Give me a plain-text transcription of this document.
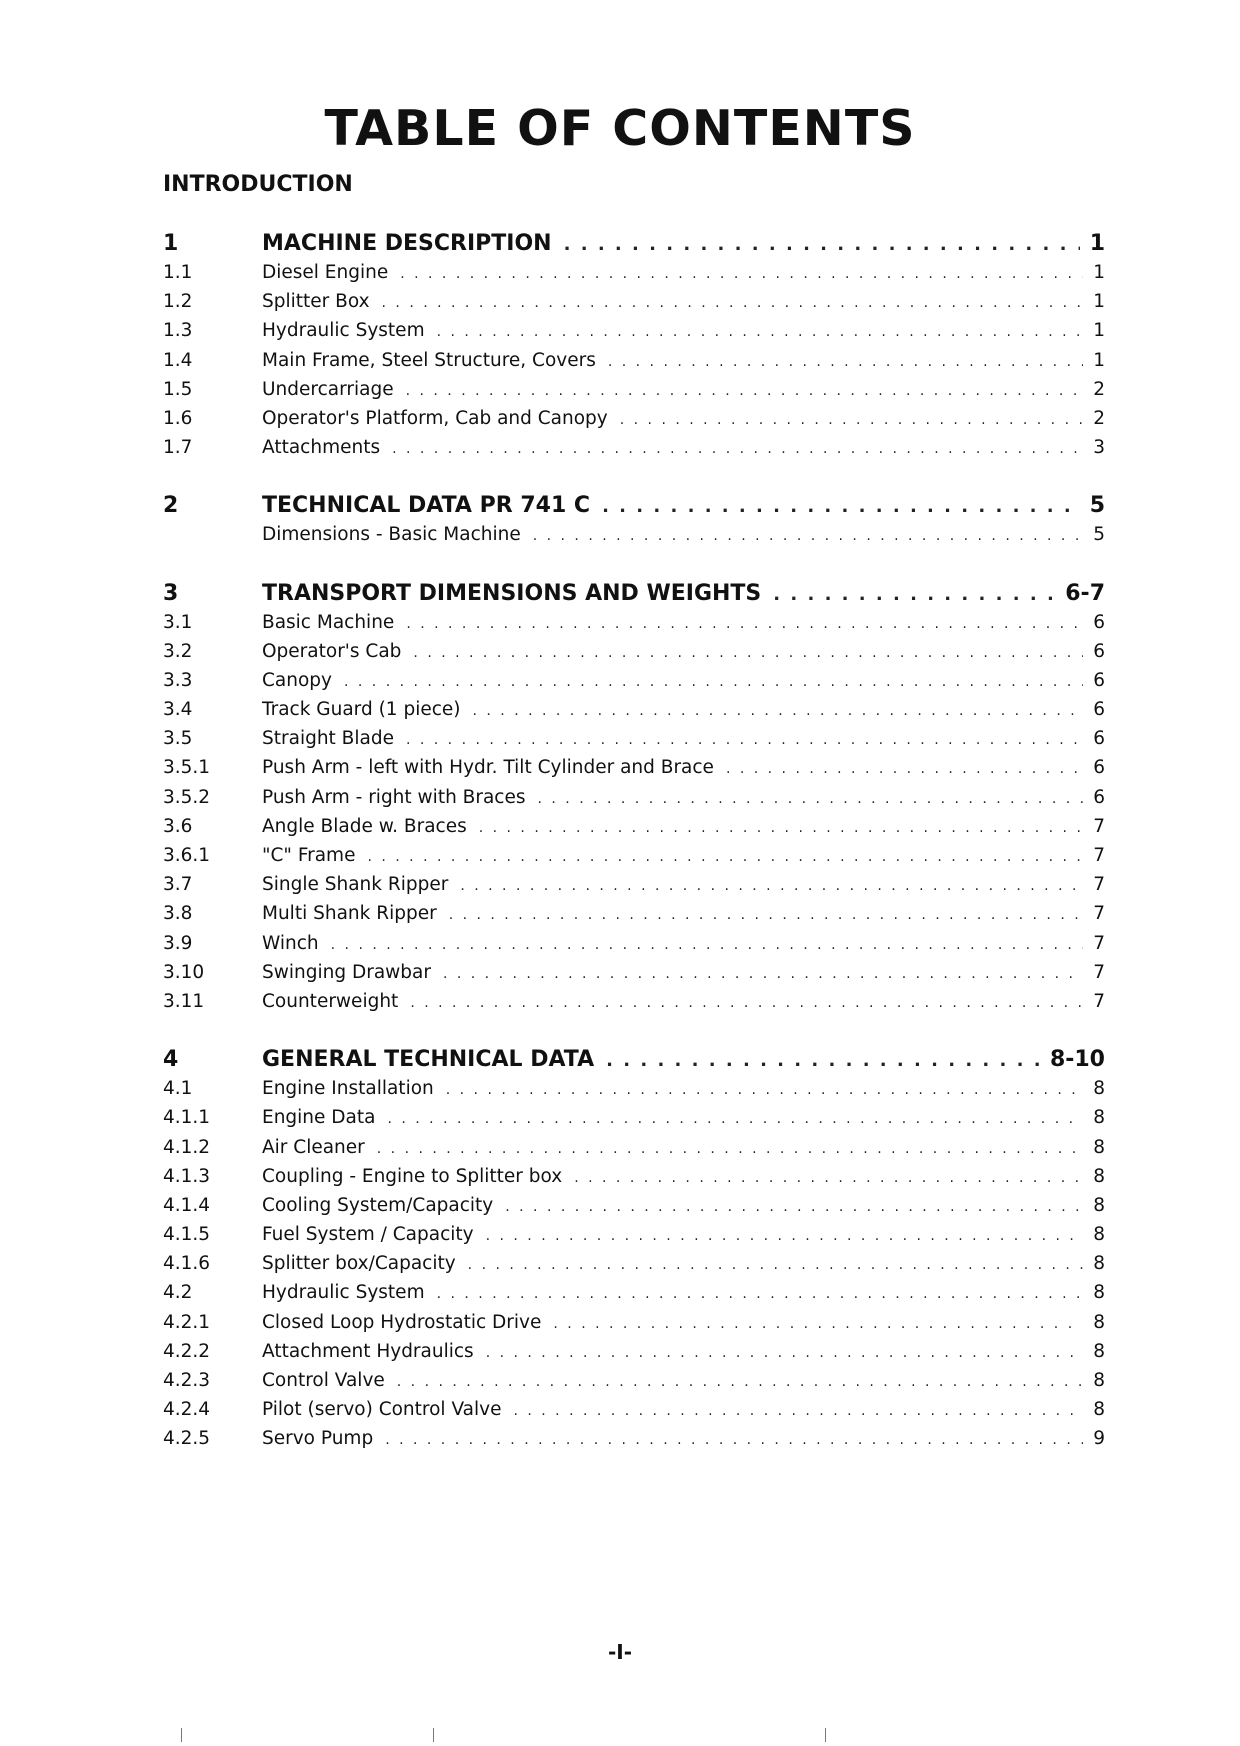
TABLE OF CONTENTS
INTRODUCTION
1	MACHINE DESCRIPTION . . .	1
1.1	Diesel Engine . . .	1
1.2	Splitter Box . . .	1
1.3	Hydraulic System . . .	1
1.4	Main Frame, Steel Structure, Covers . . .	1
1.5	Undercarriage . . .	2
1.6	Operator's Platform, Cab and Canopy . . .	2
1.7	Attachments . . .	3
2	TECHNICAL DATA PR 741 C . . .	5
Dimensions - Basic Machine . . .	5
3	TRANSPORT DIMENSIONS AND WEIGHTS . . .	6-7
3.1	Basic Machine . . .	6
3.2	Operator's Cab . . .	6
3.3	Canopy . . .	6
3.4	Track Guard (1 piece) . . .	6
3.5	Straight Blade . . .	6
3.5.1	Push Arm - left with Hydr. Tilt Cylinder and Brace . . .	6
3.5.2	Push Arm - right with Braces . . .	6
3.6	Angle Blade w. Braces . . .	7
3.6.1	"C" Frame . . .	7
3.7	Single Shank Ripper . . .	7
3.8	Multi Shank Ripper . . .	7
3.9	Winch . . .	7
3.10	Swinging Drawbar . . .	7
3.11	Counterweight . . .	7
4	GENERAL TECHNICAL DATA . . .	8-10
4.1	Engine Installation . . .	8
4.1.1	Engine Data . . .	8
4.1.2	Air Cleaner . . .	8
4.1.3	Coupling - Engine to Splitter box . . .	8
4.1.4	Cooling System/Capacity . . .	8
4.1.5	Fuel System / Capacity . . .	8
4.1.6	Splitter box/Capacity . . .	8
4.2	Hydraulic System . . .	8
4.2.1	Closed Loop Hydrostatic Drive . . .	8
4.2.2	Attachment Hydraulics . . .	8
4.2.3	Control Valve . . .	8
4.2.4	Pilot (servo) Control Valve . . .	8
4.2.5	Servo Pump . . .	9
-I-
